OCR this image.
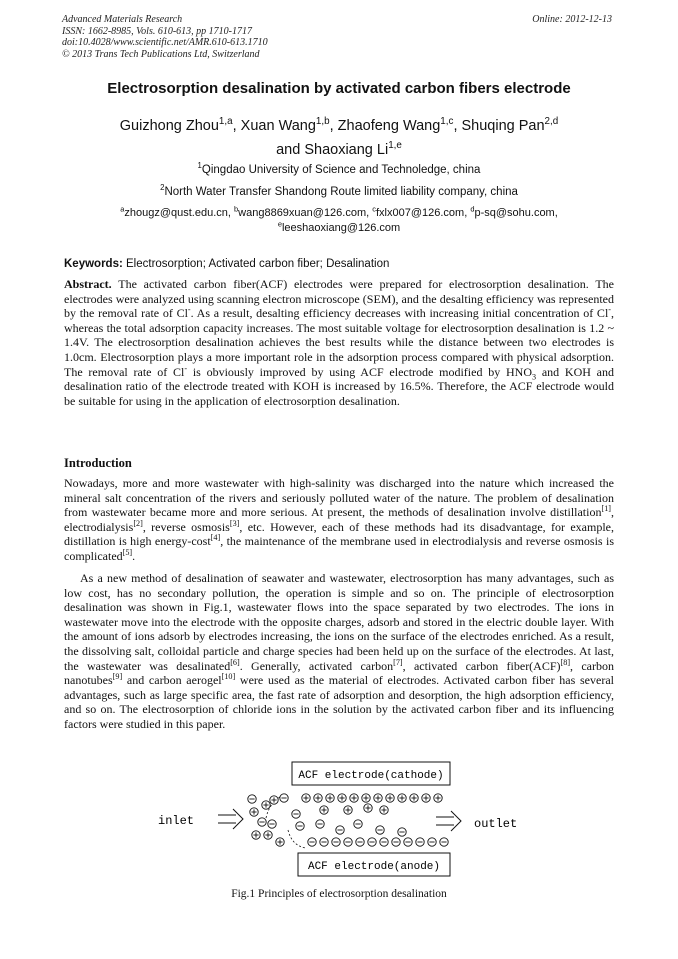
Advanced Materials Research
ISSN: 1662-8985, Vols. 610-613, pp 1710-1717
doi:10.4028/www.scientific.net/AMR.610-613.1710
© 2013 Trans Tech Publications Ltd, Switzerland
Online: 2012-12-13
Electrosorption desalination by activated carbon fibers electrode
Guizhong Zhou$^{1,a}$, Xuan Wang$^{1,b}$, Zhaofeng Wang$^{1,c}$, Shuqing Pan$^{2,d}$
and Shaoxiang Li$^{1,e}$
$^1$Qingdao University of Science and Technoledge, china
$^2$North Water Transfer Shandong Route limited liability company, china
$^a$zhougz@qust.edu.cn, $^b$wang8869xuan@126.com, $^c$fxlx007@126.com, $^d$p-sq@sohu.com,
$^e$leeshaoxiang@126.com
Keywords: Electrosorption; Activated carbon fiber; Desalination
Abstract. The activated carbon fiber(ACF) electrodes were prepared for electrosorption desalination. The electrodes were analyzed using scanning electron microscope (SEM), and the desalting efficiency was represented by the removal rate of Cl-. As a result, desalting efficiency decreases with increasing initial concentration of Cl-, whereas the total adsorption capacity increases. The most suitable voltage for electrosorption desalination is 1.2 ~ 1.4V. The electrosorption desalination achieves the best results while the distance between two electrodes is 1.0cm. Electrosorption plays a more important role in the adsorption process compared with physical adsorption. The removal rate of Cl- is obviously improved by using ACF electrode modified by $HNO_3$ and KOH and desalination ratio of the electrode treated with KOH is increased by 16.5%. Therefore, the ACF electrode would be suitable for using in the application of electrosorption desalination.
Introduction
Nowadays, more and more wastewater with high-salinity was discharged into the nature which increased the mineral salt concentration of the rivers and seriously polluted water of the nature. The problem of desalination from wastewater became more and more serious. At present, the methods of desalination involve distillation[1], electrodialysis[2], reverse osmosis[3], etc. However, each of these methods had its disadvantage, for example, distillation is high energy-cost[4], the maintenance of the membrane used in electrodialysis and reverse osmosis is complicated[5].
As a new method of desalination of seawater and wastewater, electrosorption has many advantages, such as low cost, has no secondary pollution, the operation is simple and so on. The principle of electrosorption desalination was shown in Fig.1, wastewater flows into the space separated by two electrodes. The ions in wastewater move into the electrode with the opposite charges, adsorb and stored in the electric double layer. With the amount of ions adsorb by electrodes increasing, the ions on the surface of the electrodes enriched. As a result, the dissolving salt, colloidal particle and charge species had been held up on the surface of the electrodes. At last, the wastewater was desalinated[6]. Generally, activated carbon[7], activated carbon fiber(ACF)[8], carbon nanotubes[9] and carbon aerogel[10] were used as the material of electrodes. Activated carbon fiber has several advantages, such as large specific area, the fast rate of adsorption and desorption, the high adsorption efficiency, and so on. The electrosorption of chloride ions in the solution by the activated carbon fiber and its influencing factors were studied in this paper.
ACF electrode(cathode)
ACF electrode(anode)
inlet	outlet
Fig.1 Principles of electrosorption desalination
